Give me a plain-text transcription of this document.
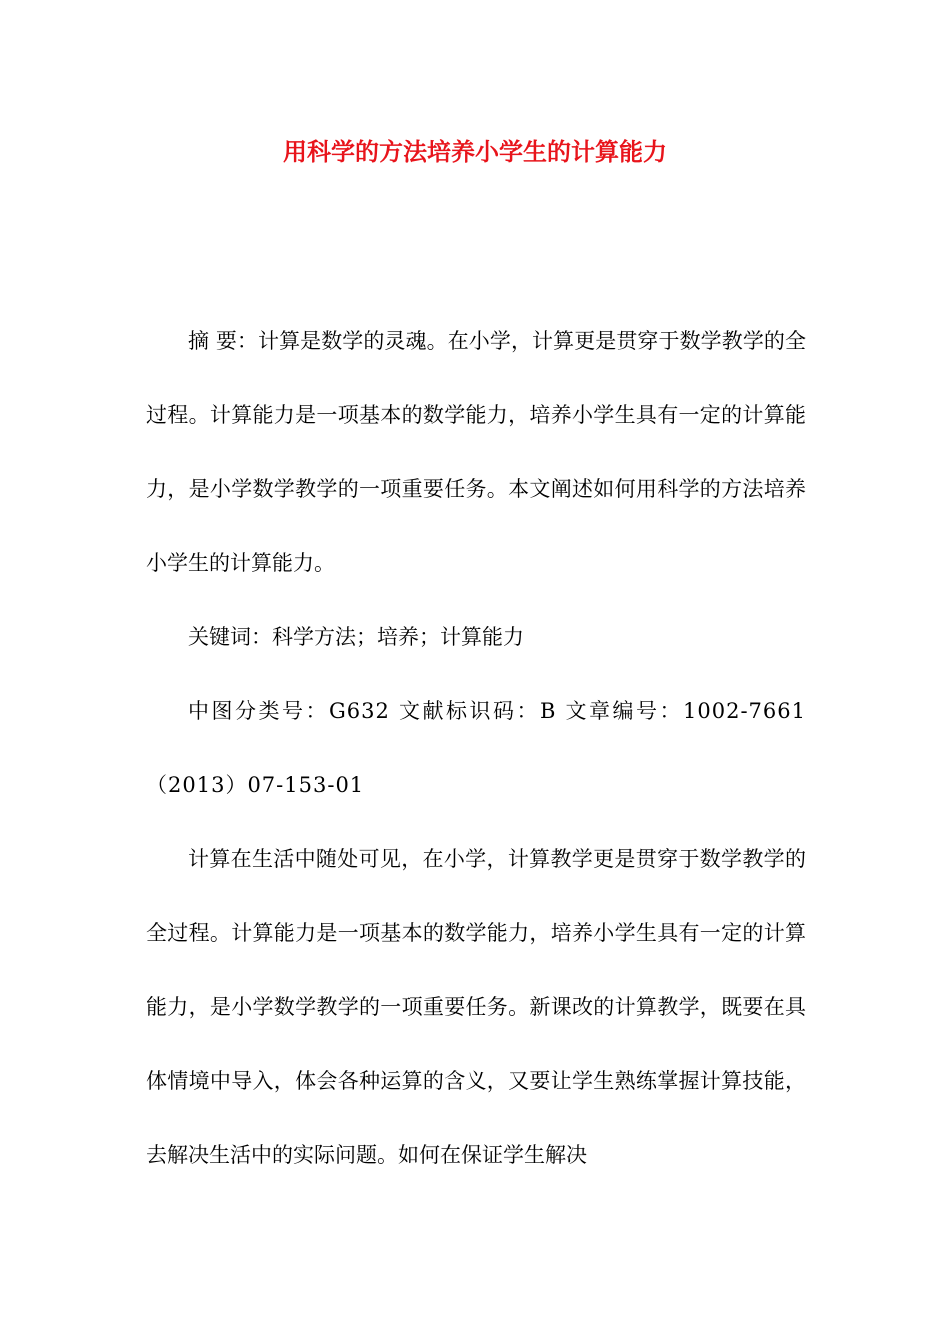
用科学的方法培养小学生的计算能力

摘 要：计算是数学的灵魂。在小学，计算更是贯穿于数学教学的全过程。计算能力是一项基本的数学能力，培养小学生具有一定的计算能力，是小学数学教学的一项重要任务。本文阐述如何用科学的方法培养小学生的计算能力。

关键词：科学方法；培养；计算能力

中图分类号：G632 文献标识码：B 文章编号：1002-7661（2013）07-153-01

计算在生活中随处可见，在小学，计算教学更是贯穿于数学教学的全过程。计算能力是一项基本的数学能力，培养小学生具有一定的计算能力，是小学数学教学的一项重要任务。新课改的计算教学，既要在具体情境中导入，体会各种运算的含义，又要让学生熟练掌握计算技能，去解决生活中的实际问题。如何在保证学生解决
